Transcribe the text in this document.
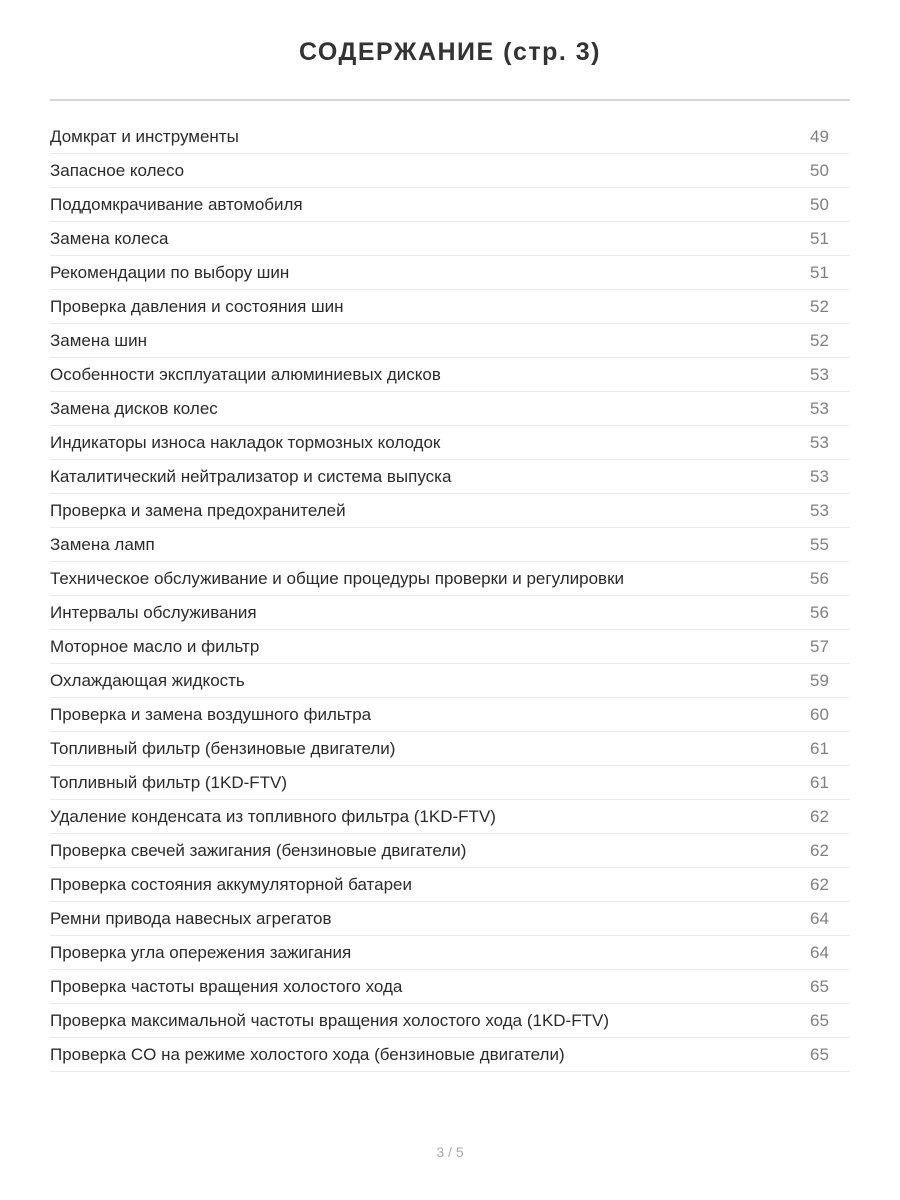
СОДЕРЖАНИЕ (стр. 3)
Домкрат и инструменты	49
Запасное колесо	50
Поддомкрачивание автомобиля	50
Замена колеса	51
Рекомендации по выбору шин	51
Проверка давления и состояния шин	52
Замена шин	52
Особенности эксплуатации алюминиевых дисков	53
Замена дисков колес	53
Индикаторы износа накладок тормозных колодок	53
Каталитический нейтрализатор и система выпуска	53
Проверка и замена предохранителей	53
Замена ламп	55
Техническое обслуживание и общие процедуры проверки и регулировки	56
Интервалы обслуживания	56
Моторное масло и фильтр	57
Охлаждающая жидкость	59
Проверка и замена воздушного фильтра	60
Топливный фильтр (бензиновые двигатели)	61
Топливный фильтр (1KD-FTV)	61
Удаление конденсата из топливного фильтра (1KD-FTV)	62
Проверка свечей зажигания (бензиновые двигатели)	62
Проверка состояния аккумуляторной батареи	62
Ремни привода навесных агрегатов	64
Проверка угла опережения зажигания	64
Проверка частоты вращения холостого хода	65
Проверка максимальной частоты вращения холостого хода (1KD-FTV)	65
Проверка CO на режиме холостого хода (бензиновые двигатели)	65
3 / 5
